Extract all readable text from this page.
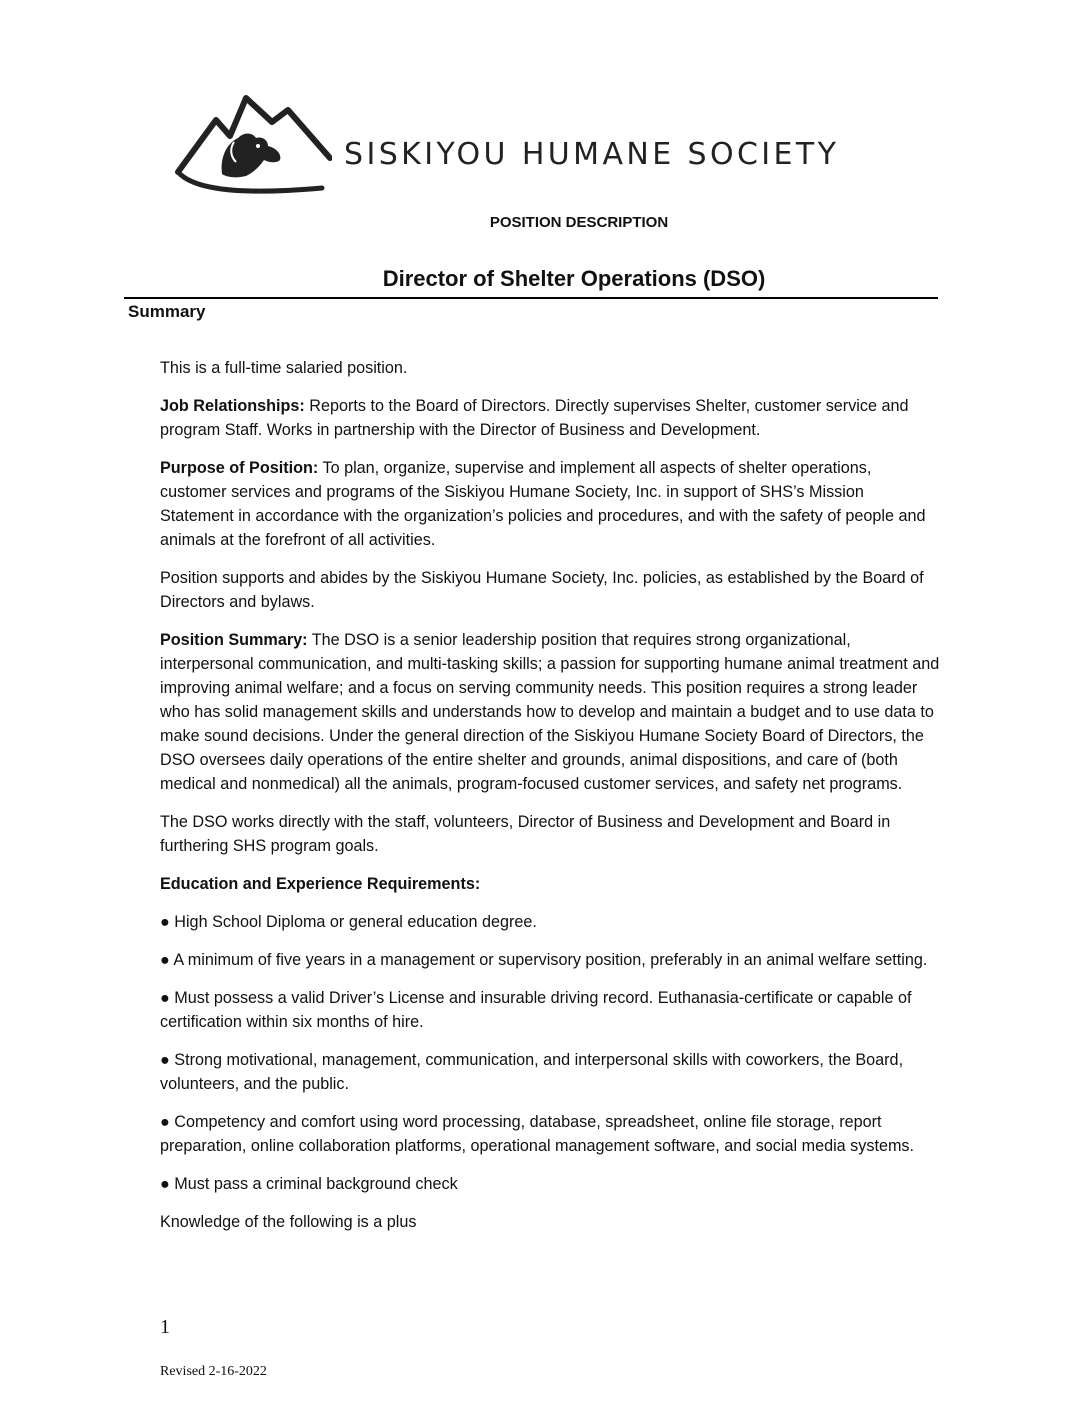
SISKIYOU HUMANE SOCIETY
POSITION DESCRIPTION
Director of Shelter Operations (DSO)
Summary

This is a full-time salaried position.

Job Relationships: Reports to the Board of Directors. Directly supervises Shelter, customer service and program Staff. Works in partnership with the Director of Business and Development.

Purpose of Position: To plan, organize, supervise and implement all aspects of shelter operations, customer services and programs of the Siskiyou Humane Society, Inc. in support of SHS’s Mission Statement in accordance with the organization’s policies and procedures, and with the safety of people and animals at the forefront of all activities.

Position supports and abides by the Siskiyou Humane Society, Inc. policies, as established by the Board of Directors and bylaws.

Position Summary: The DSO is a senior leadership position that requires strong organizational, interpersonal communication, and multi-tasking skills; a passion for supporting humane animal treatment and improving animal welfare; and a focus on serving community needs. This position requires a strong leader who has solid management skills and understands how to develop and maintain a budget and to use data to make sound decisions. Under the general direction of the Siskiyou Humane Society Board of Directors, the DSO oversees daily operations of the entire shelter and grounds, animal dispositions, and care of (both medical and nonmedical) all the animals, program-focused customer services, and safety net programs.

The DSO works directly with the staff, volunteers, Director of Business and Development and Board in furthering SHS program goals.

Education and Experience Requirements:

● High School Diploma or general education degree.

● A minimum of five years in a management or supervisory position, preferably in an animal welfare setting.

● Must possess a valid Driver’s License and insurable driving record. Euthanasia-certificate or capable of certification within six months of hire.

● Strong motivational, management, communication, and interpersonal skills with coworkers, the Board, volunteers, and the public.

● Competency and comfort using word processing, database, spreadsheet, online file storage, report preparation, online collaboration platforms, operational management software, and social media systems.

● Must pass a criminal background check

Knowledge of the following is a plus

1
Revised 2-16-2022
